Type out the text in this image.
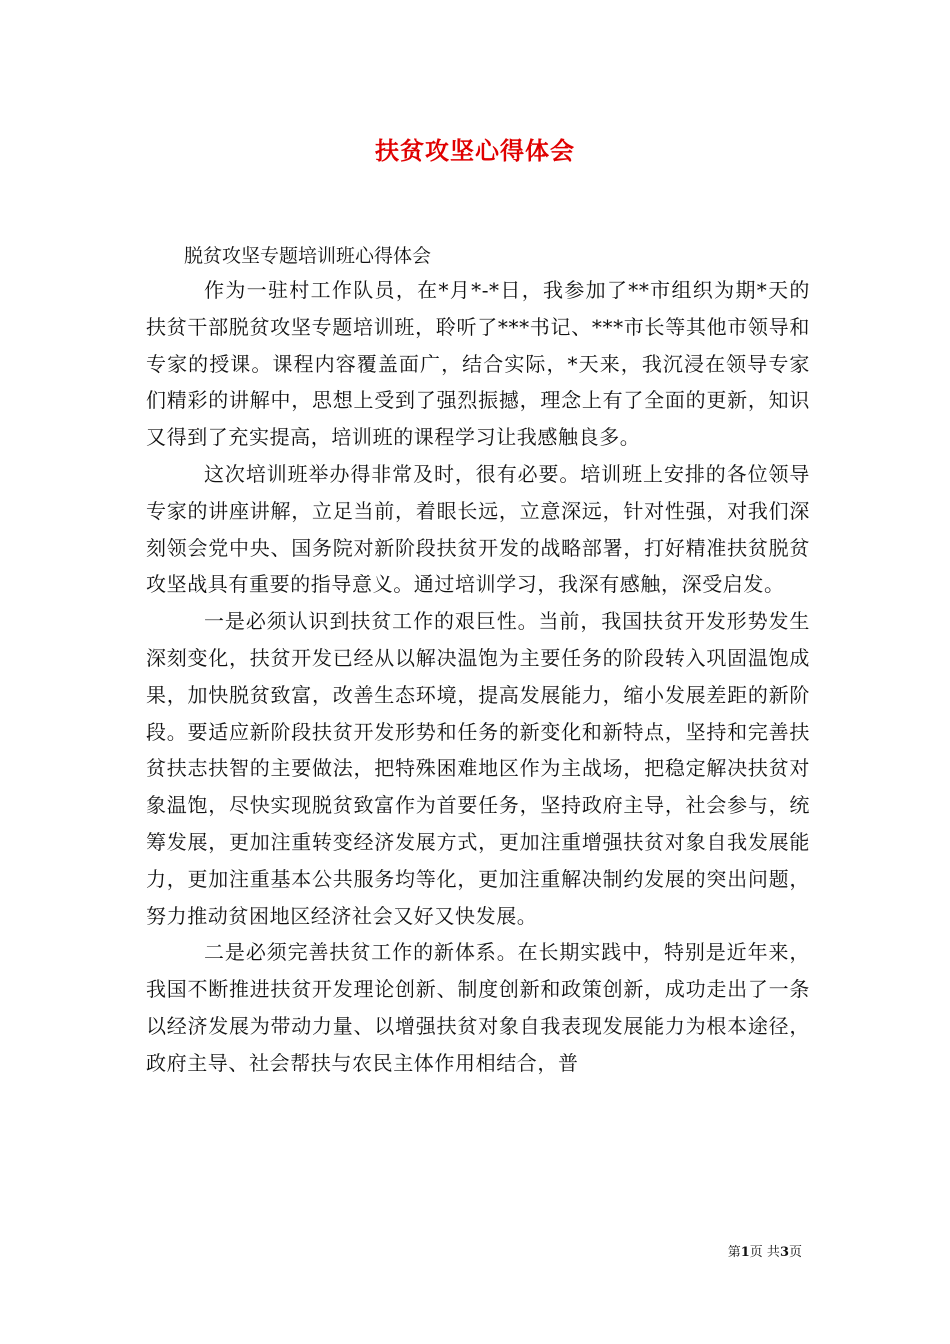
扶贫攻坚心得体会

脱贫攻坚专题培训班心得体会

作为一驻村工作队员，在*月*-*日，我参加了**市组织为期*天的扶贫干部脱贫攻坚专题培训班，聆听了***书记、***市长等其他市领导和专家的授课。课程内容覆盖面广，结合实际，*天来，我沉浸在领导专家们精彩的讲解中，思想上受到了强烈振撼，理念上有了全面的更新，知识又得到了充实提高，培训班的课程学习让我感触良多。

这次培训班举办得非常及时，很有必要。培训班上安排的各位领导专家的讲座讲解，立足当前，着眼长远，立意深远，针对性强，对我们深刻领会党中央、国务院对新阶段扶贫开发的战略部署，打好精准扶贫脱贫攻坚战具有重要的指导意义。通过培训学习，我深有感触，深受启发。

一是必须认识到扶贫工作的艰巨性。当前，我国扶贫开发形势发生深刻变化，扶贫开发已经从以解决温饱为主要任务的阶段转入巩固温饱成果，加快脱贫致富，改善生态环境，提高发展能力，缩小发展差距的新阶段。要适应新阶段扶贫开发形势和任务的新变化和新特点，坚持和完善扶贫扶志扶智的主要做法，把特殊困难地区作为主战场，把稳定解决扶贫对象温饱，尽快实现脱贫致富作为首要任务，坚持政府主导，社会参与，统筹发展，更加注重转变经济发展方式，更加注重增强扶贫对象自我发展能力，更加注重基本公共服务均等化，更加注重解决制约发展的突出问题，努力推动贫困地区经济社会又好又快发展。

二是必须完善扶贫工作的新体系。在长期实践中，特别是近年来，我国不断推进扶贫开发理论创新、制度创新和政策创新，成功走出了一条以经济发展为带动力量、以增强扶贫对象自我表现发展能力为根本途径，政府主导、社会帮扶与农民主体作用相结合，普

第1页 共3页
